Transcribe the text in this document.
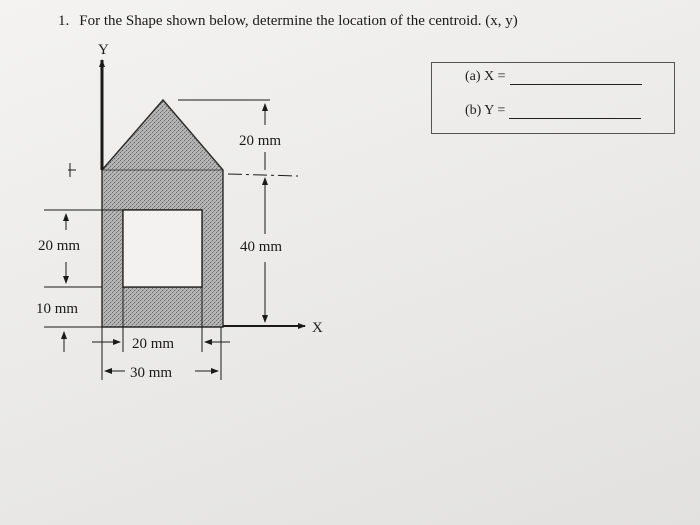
1. For the Shape shown below, determine the location of the centroid. (x, y)
(a) X =
(b) Y =
Y
X
20 mm
40 mm
20 mm
10 mm
20 mm
30 mm
